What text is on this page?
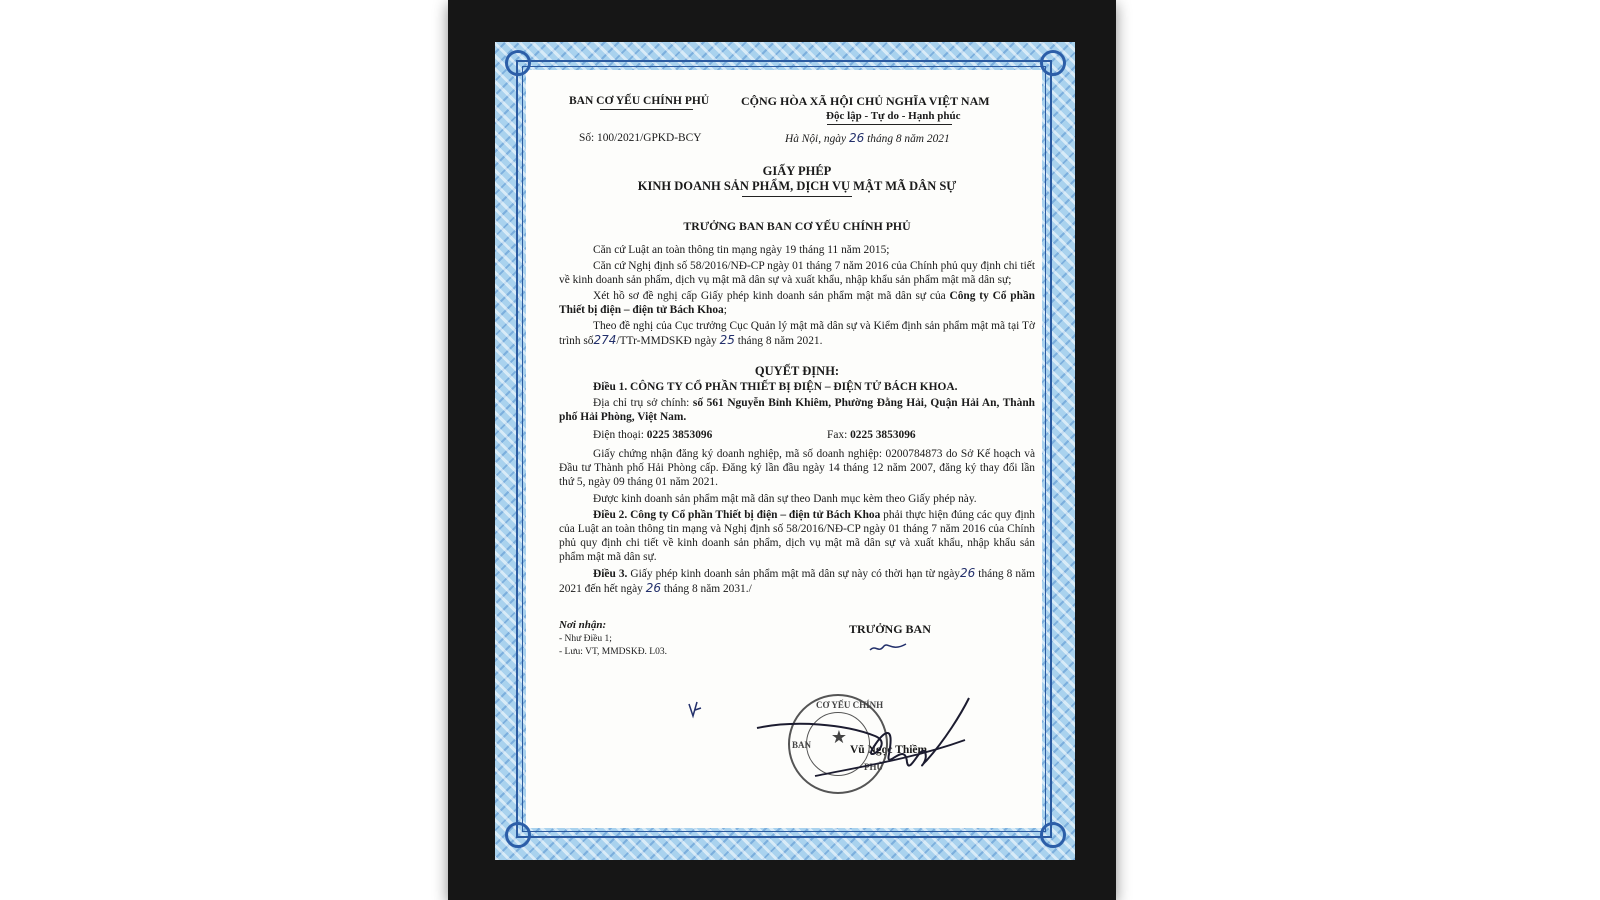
BAN CƠ YẾU CHÍNH PHỦ	CỘNG HÒA XÃ HỘI CHỦ NGHĨA VIỆT NAM
Độc lập - Tự do - Hạnh phúc
Số: 100/2021/GPKD-BCY	Hà Nội, ngày 26 tháng 8 năm 2021

GIẤY PHÉP

KINH DOANH SẢN PHẨM, DỊCH VỤ MẬT MÃ DÂN SỰ

TRƯỞNG BAN BAN CƠ YẾU CHÍNH PHỦ

Căn cứ Luật an toàn thông tin mạng ngày 19 tháng 11 năm 2015;

Căn cứ Nghị định số 58/2016/NĐ-CP ngày 01 tháng 7 năm 2016 của Chính phủ quy định chi tiết về kinh doanh sản phẩm, dịch vụ mật mã dân sự và xuất khẩu, nhập khẩu sản phẩm mật mã dân sự;

Xét hồ sơ đề nghị cấp Giấy phép kinh doanh sản phẩm mật mã dân sự của Công ty Cổ phần Thiết bị điện – điện tử Bách Khoa;

Theo đề nghị của Cục trưởng Cục Quản lý mật mã dân sự và Kiểm định sản phẩm mật mã tại Tờ trình số274/TTr-MMDSKĐ ngày 25 tháng 8 năm 2021.

QUYẾT ĐỊNH:

Điều 1. CÔNG TY CỔ PHẦN THIẾT BỊ ĐIỆN – ĐIỆN TỬ BÁCH KHOA.

Địa chỉ trụ sở chính: số 561 Nguyễn Bỉnh Khiêm, Phường Đằng Hải, Quận Hải An, Thành phố Hải Phòng, Việt Nam.

Điện thoại: 0225 3853096	Fax: 0225 3853096

Giấy chứng nhận đăng ký doanh nghiệp, mã số doanh nghiệp: 0200784873 do Sở Kế hoạch và Đầu tư Thành phố Hải Phòng cấp. Đăng ký lần đầu ngày 14 tháng 12 năm 2007, đăng ký thay đổi lần thứ 5, ngày 09 tháng 01 năm 2021.

Được kinh doanh sản phẩm mật mã dân sự theo Danh mục kèm theo Giấy phép này.

Điều 2. Công ty Cổ phần Thiết bị điện – điện tử Bách Khoa phải thực hiện đúng các quy định của Luật an toàn thông tin mạng và Nghị định số 58/2016/NĐ-CP ngày 01 tháng 7 năm 2016 của Chính phủ quy định chi tiết về kinh doanh sản phẩm, dịch vụ mật mã dân sự và xuất khẩu, nhập khẩu sản phẩm mật mã dân sự.

Điều 3. Giấy phép kinh doanh sản phẩm mật mã dân sự này có thời hạn từ ngày26 tháng 8 năm 2021 đến hết ngày 26 tháng 8 năm 2031./

Nơi nhận:
- Như Điều 1;
- Lưu: VT, MMDSKĐ. L03.
TRƯỞNG BAN
Vũ Ngọc Thiềm
★
CƠ YẾU CHÍNH
BAN
PHỦ
